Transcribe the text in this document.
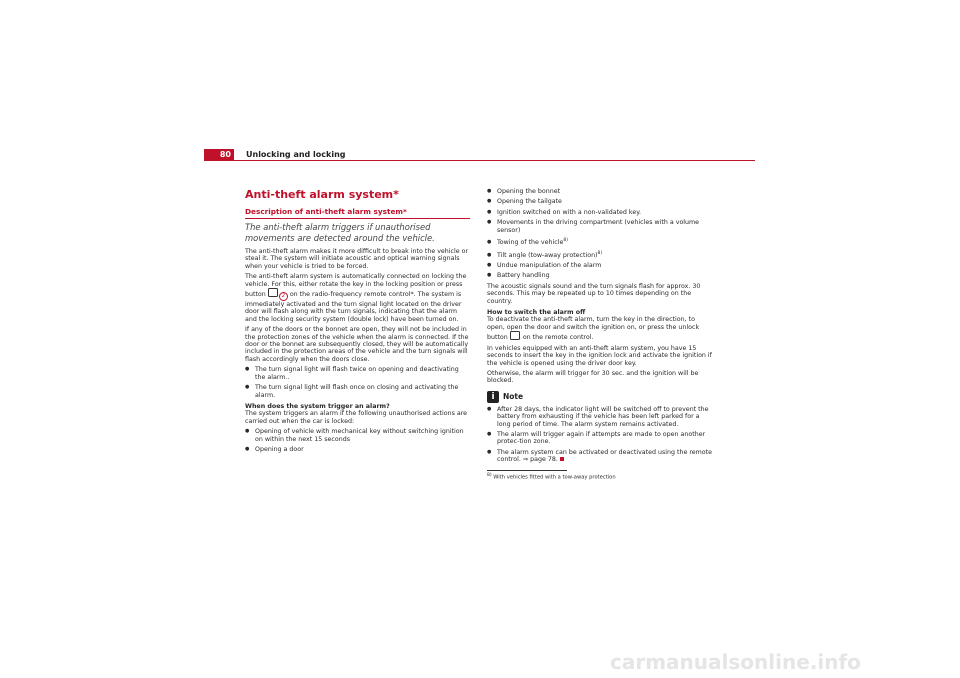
80	Unlocking and locking
Anti-theft alarm system*
Description of anti-theft alarm system*
The anti-theft alarm triggers if unauthorised movements are detected around the vehicle.

The anti-theft alarm makes it more difficult to break into the vehicle or steal it. The system will initiate acoustic and optical warning signals when your vehicle is tried to be forced.

The anti-theft alarm system is automatically connected on locking the vehicle. For this, either rotate the key in the locking position or press button	2 on the radio-frequency remote control*. The system is immediately activated and the turn signal light located on the driver door will flash along with the turn signals, indicating that the alarm and the locking security system (double lock) have been turned on.

If any of the doors or the bonnet are open, they will not be included in the protection zones of the vehicle when the alarm is connected. If the door or the bonnet are subsequently closed, they will be automatically included in the protection areas of the vehicle and the turn signals will flash accordingly when the doors close.

● The turn signal light will flash twice on opening and deactivating the alarm..
● The turn signal light will flash once on closing and activating the alarm.

When does the system trigger an alarm?

The system triggers an alarm if the following unauthorised actions are carried out when the car is locked:

● Opening of vehicle with mechanical key without switching ignition on within the next 15 seconds
● Opening a door
● Opening the bonnet
● Opening the tailgate
● Ignition switched on with a non-validated key.
● Movements in the driving compartment (vehicles with a volume sensor)
● Towing of the vehicle$^{8)}$
● Tilt angle (tow-away protection)$^{8)}$
● Undue manipulation of the alarm
● Battery handling

The acoustic signals sound and the turn signals flash for approx. 30 seconds. This may be repeated up to 10 times depending on the country.

How to switch the alarm off

To deactivate the anti-theft alarm, turn the key in the direction, to open, open the door and switch the ignition on, or press the unlock button on the remote control.

In vehicles equipped with an anti-theft alarm system, you have 15 seconds to insert the key in the ignition lock and activate the ignition if the vehicle is opened using the driver door key.

Otherwise, the alarm will trigger for 30 sec. and the ignition will be blocked.

i	Note
● After 28 days, the indicator light will be switched off to prevent the battery from exhausting if the vehicle has been left parked for a long period of time. The alarm system remains activated.
● The alarm will trigger again if attempts are made to open another protec-tion zone.
● The alarm system can be activated or deactivated using the remote control. ⇒ page 78.
$^{8)}$ With vehicles fitted with a tow-away protection
carmanualsonline.info
